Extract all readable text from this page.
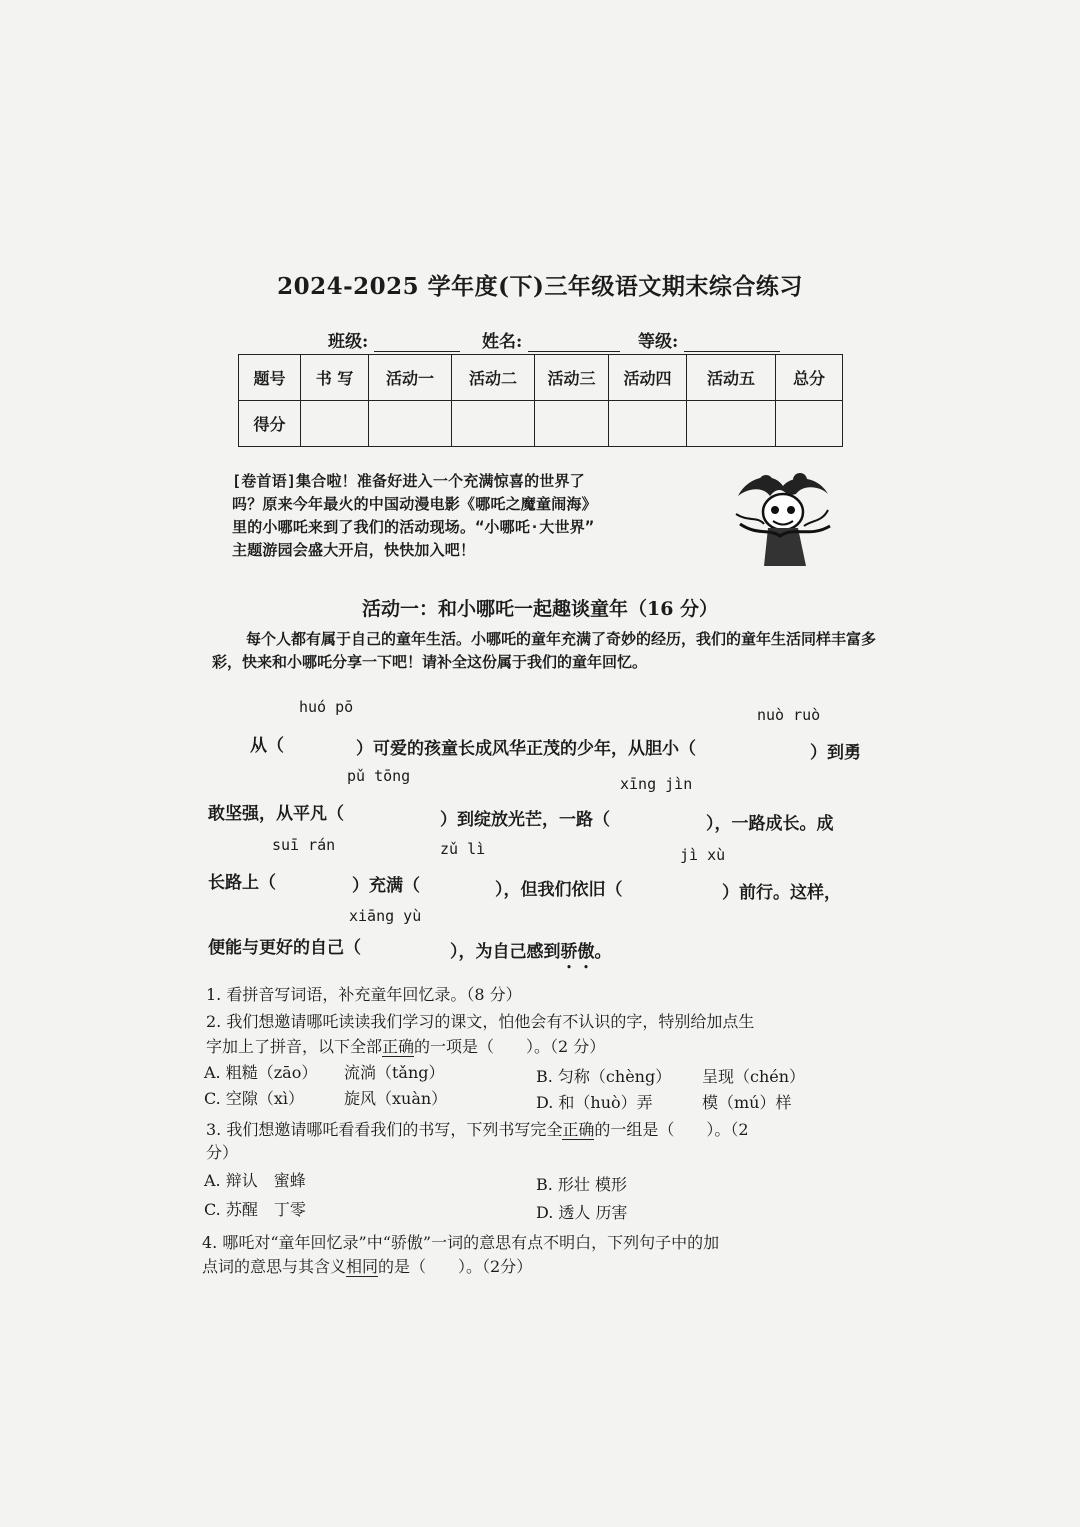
2024-2025 学年度(下)三年级语文期末综合练习
班级:	姓名:	等级:
题号	书 写	活动一	活动二	活动三	活动四	活动五	总分
得分							
[卷首语]集合啦！准备好进入一个充满惊喜的世界了
吗？原来今年最火的中国动漫电影《哪吒之魔童闹海》
里的小哪吒来到了我们的活动现场。“小哪吒·大世界”
主题游园会盛大开启，快快加入吧！
活动一：和小哪吒一起趣谈童年（16 分）
每个人都有属于自己的童年生活。小哪吒的童年充满了奇妙的经历，我们的童年生活同样丰富多彩，快来和小哪吒分享一下吧！请补全这份属于我们的童年回忆。
huó pō	nuò ruò
pǔ tōng	xīng jìn
suī rán	zǔ lì	jì xù
xiāng yù
从（	）可爱的孩童长成风华正茂的少年，从胆小（	）到勇
敢坚强，从平凡（	）到绽放光芒，一路（	），一路成长。成
长路上（	）充满（	），但我们依旧（	）前行。这样，
便能与更好的自己（	），为自己感到骄傲。
1. 看拼音写词语，补充童年回忆录。（8 分）
2. 我们想邀请哪吒读读我们学习的课文，怕他会有不认识的字，特别给加点生
字加上了拼音，以下全部正确的一项是（　　）。（2 分）
A. 粗糙（zāo） 流淌（tǎng）	B. 匀称（chèng） 呈现（chén）
C. 空隙（xì）	旋风（xuàn）	D. 和（huò）弄	模（mú）样
3. 我们想邀请哪吒看看我们的书写，下列书写完全正确的一组是（　　）。（2
分）
A. 辩认　蜜蜂	B. 形壮 模形
C. 苏醒　丁零	D. 透人 历害
4. 哪吒对“童年回忆录”中“骄傲”一词的意思有点不明白，下列句子中的加
点词的意思与其含义相同的是（　　）。（2分）
